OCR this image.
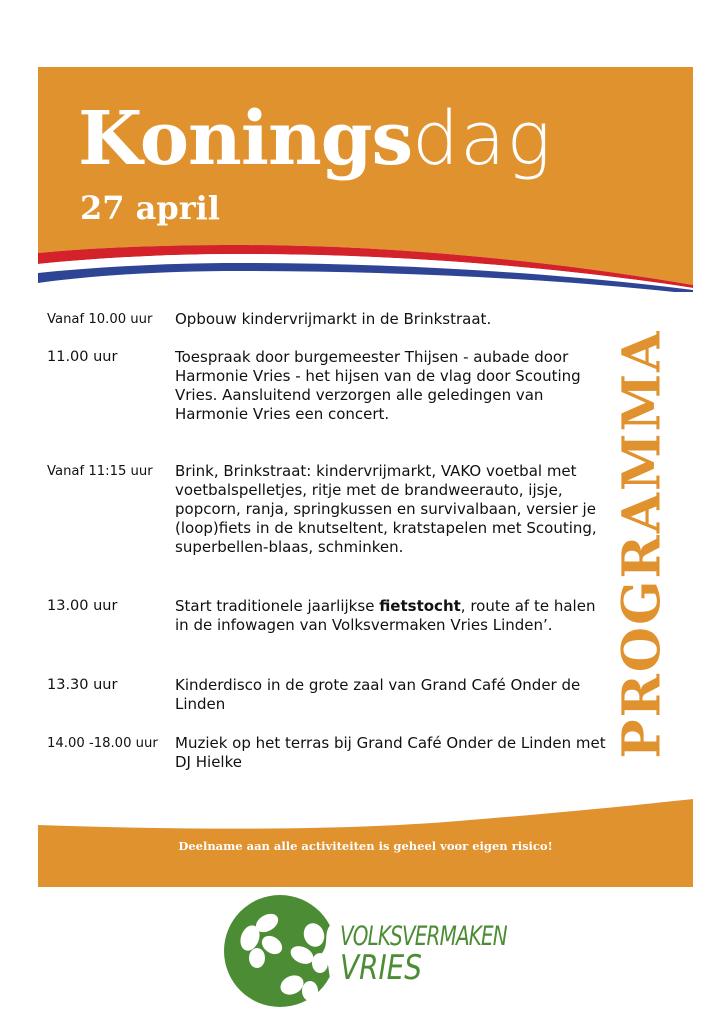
Koningsdag
27 april
PROGRAMMA
Vanaf 10.00 uur	Opbouw kindervrijmarkt in de Brinkstraat.
11.00 uur	Toespraak door burgemeester Thijsen - aubade door Harmonie Vries - het hijsen van de vlag door Scouting Vries. Aansluitend verzorgen alle geledingen van Harmonie Vries een concert.
Vanaf 11:15 uur	Brink, Brinkstraat: kindervrijmarkt, VAKO voetbal met voetbalspelletjes, ritje met de brandweerauto, ijsje, popcorn, ranja, springkussen en survivalbaan, versier je (loop)fiets in de knutseltent, kratstapelen met Scouting, superbellen-blaas, schminken.
13.00 uur	Start traditionele jaarlijkse fietstocht, route af te halen in de infowagen van Volksvermaken Vries Linden’.
13.30 uur	Kinderdisco in de grote zaal van Grand Café Onder de Linden
14.00 -18.00 uur	Muziek op het terras bij Grand Café Onder de Linden met DJ Hielke
Deelname aan alle activiteiten is geheel voor eigen risico!
VOLKSVERMAKEN
VRIES
